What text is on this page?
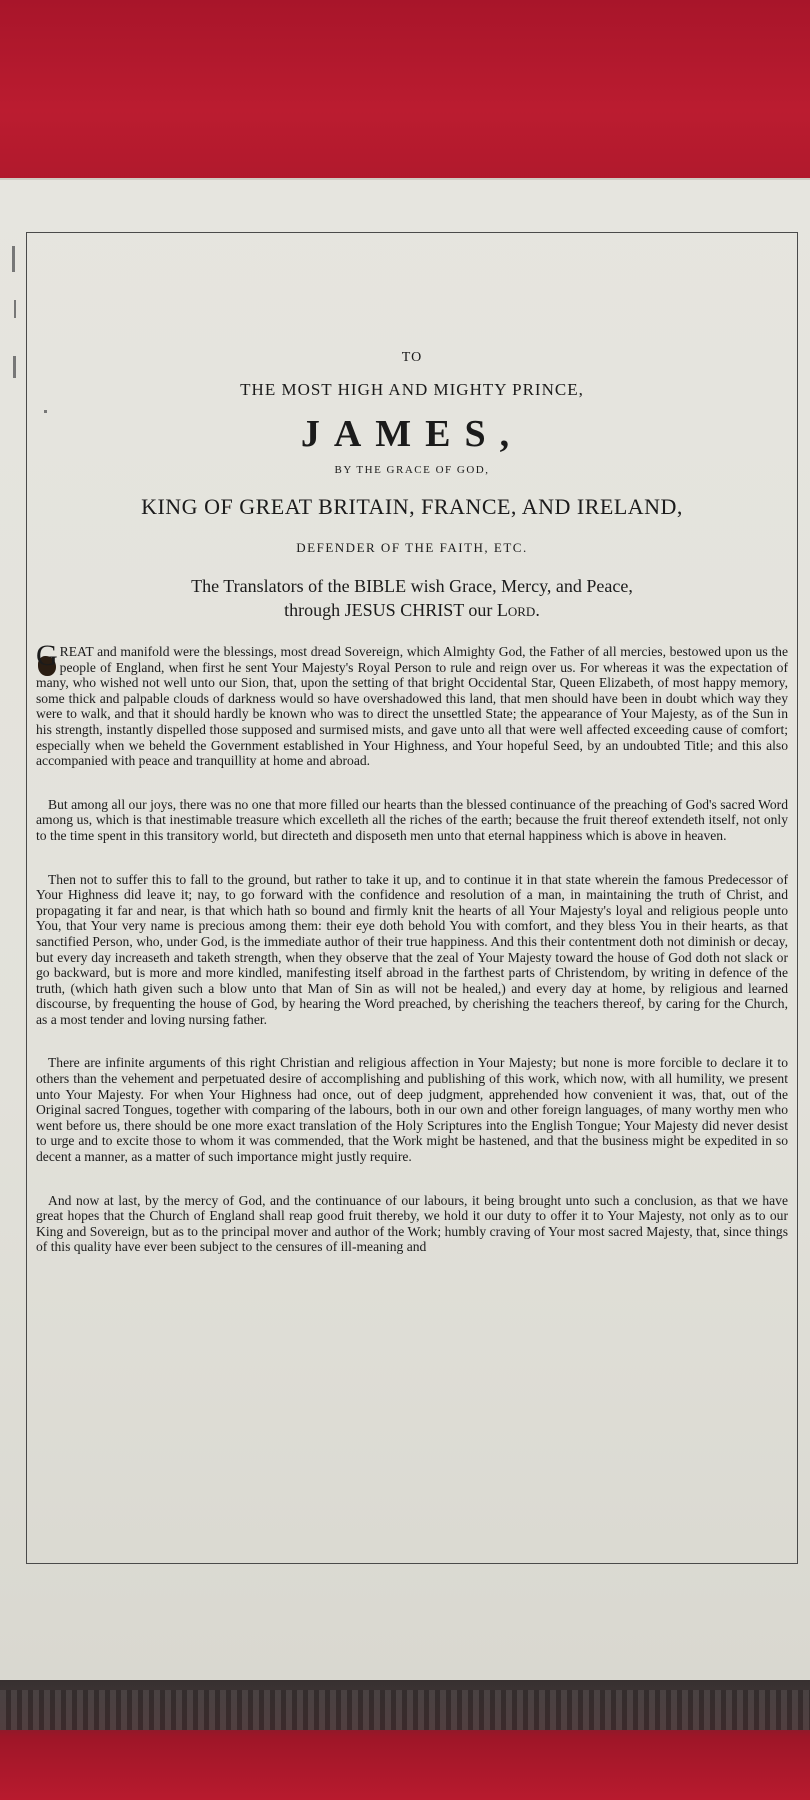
TO
THE MOST HIGH AND MIGHTY PRINCE,
JAMES,
BY THE GRACE OF GOD,
KING OF GREAT BRITAIN, FRANCE, AND IRELAND,
DEFENDER OF THE FAITH, ETC.
The Translators of the BIBLE wish Grace, Mercy, and Peace,
through JESUS CHRIST our Lord.

GREAT and manifold were the blessings, most dread Sovereign, which Almighty God, the Father of all mercies, bestowed upon us the people of England, when first he sent Your Majesty's Royal Person to rule and reign over us. For whereas it was the expectation of many, who wished not well unto our Sion, that, upon the setting of that bright Occidental Star, Queen Elizabeth, of most happy memory, some thick and palpable clouds of darkness would so have overshadowed this land, that men should have been in doubt which way they were to walk, and that it should hardly be known who was to direct the unsettled State; the appearance of Your Majesty, as of the Sun in his strength, instantly dispelled those supposed and surmised mists, and gave unto all that were well affected exceeding cause of comfort; especially when we beheld the Government established in Your Highness, and Your hopeful Seed, by an undoubted Title; and this also accompanied with peace and tranquillity at home and abroad.

But among all our joys, there was no one that more filled our hearts than the blessed continuance of the preaching of God's sacred Word among us, which is that inestimable treasure which excelleth all the riches of the earth; because the fruit thereof extendeth itself, not only to the time spent in this transitory world, but directeth and disposeth men unto that eternal happiness which is above in heaven.

Then not to suffer this to fall to the ground, but rather to take it up, and to continue it in that state wherein the famous Predecessor of Your Highness did leave it; nay, to go forward with the confidence and resolution of a man, in maintaining the truth of Christ, and propagating it far and near, is that which hath so bound and firmly knit the hearts of all Your Majesty's loyal and religious people unto You, that Your very name is precious among them: their eye doth behold You with comfort, and they bless You in their hearts, as that sanctified Person, who, under God, is the immediate author of their true happiness. And this their contentment doth not diminish or decay, but every day increaseth and taketh strength, when they observe that the zeal of Your Majesty toward the house of God doth not slack or go backward, but is more and more kindled, manifesting itself abroad in the farthest parts of Christendom, by writing in defence of the truth, (which hath given such a blow unto that Man of Sin as will not be healed,) and every day at home, by religious and learned discourse, by frequenting the house of God, by hearing the Word preached, by cherishing the teachers thereof, by caring for the Church, as a most tender and loving nursing father.

There are infinite arguments of this right Christian and religious affection in Your Majesty; but none is more forcible to declare it to others than the vehement and perpetuated desire of accomplishing and publishing of this work, which now, with all humility, we present unto Your Majesty. For when Your Highness had once, out of deep judgment, apprehended how convenient it was, that, out of the Original sacred Tongues, together with comparing of the labours, both in our own and other foreign languages, of many worthy men who went before us, there should be one more exact translation of the Holy Scriptures into the English Tongue; Your Majesty did never desist to urge and to excite those to whom it was commended, that the Work might be hastened, and that the business might be expedited in so decent a manner, as a matter of such importance might justly require.

And now at last, by the mercy of God, and the continuance of our labours, it being brought unto such a conclusion, as that we have great hopes that the Church of England shall reap good fruit thereby, we hold it our duty to offer it to Your Majesty, not only as to our King and Sovereign, but as to the principal mover and author of the Work; humbly craving of Your most sacred Majesty, that, since things of this quality have ever been subject to the censures of ill-meaning and
